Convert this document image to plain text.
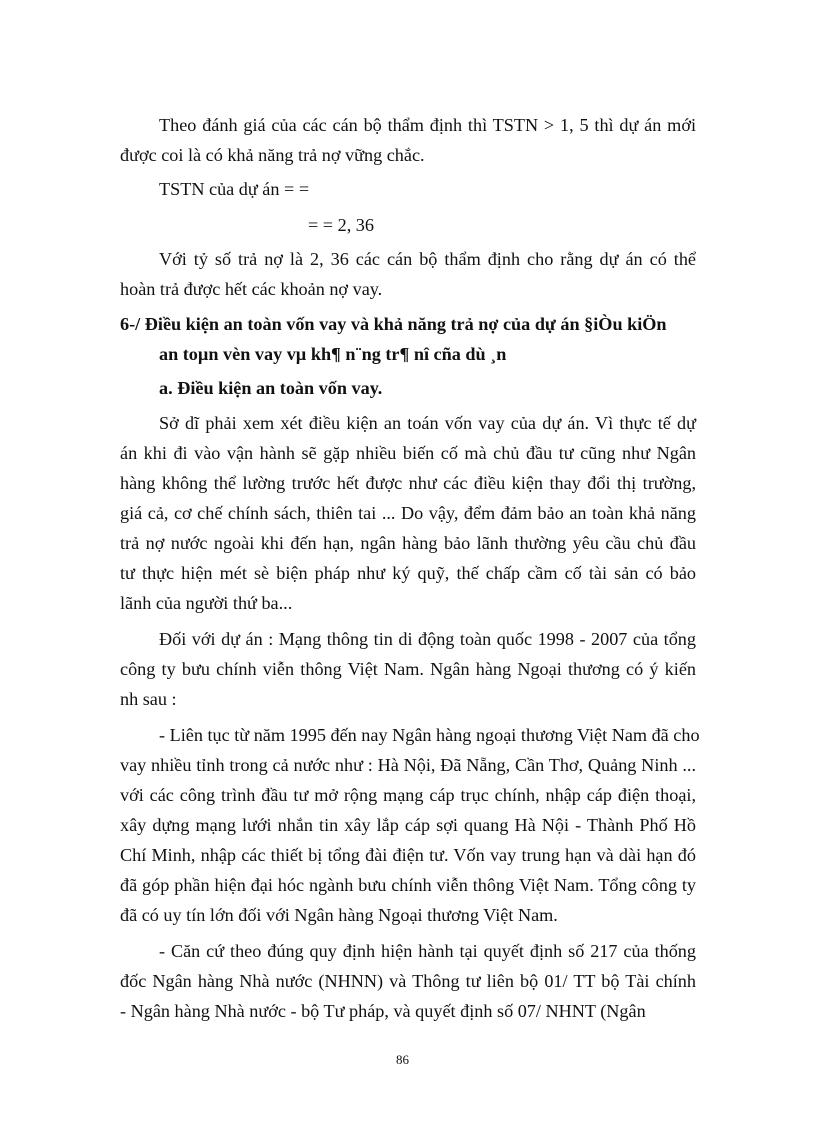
Theo đánh giá của các cán bộ thẩm định thì TSTN > 1, 5 thì dự án mới
được coi là có khả năng trả nợ vững chắc.
TSTN của dự án = =
= = 2, 36
Với tỷ số trả nợ là 2, 36 các cán bộ thẩm định cho rằng dự án có thể
hoàn trả được hết các khoản nợ vay.
6-/ Điều kiện an toàn vốn vay và khả năng trả nợ của dự án §iÒu kiÖn
an toµn vèn vay vµ kh¶ n¨ng tr¶ nî cña dù ¸n
a. Điều kiện an toàn vốn vay.
Sở dĩ phải xem xét điều kiện an toán vốn vay của dự án. Vì thực tế dự
án khi đi vào vận hành sẽ gặp nhiều biến cố mà chủ đầu tư cũng như Ngân
hàng không thể lường trước hết được như các điều kiện thay đổi thị trường,
giá cả, cơ chế chính sách, thiên tai ... Do vậy, đểm đảm bảo an toàn khả năng
trả nợ nước ngoài khi đến hạn, ngân hàng bảo lãnh thường yêu cầu chủ đầu
tư thực hiện mét sè biện pháp như ký quỹ, thế chấp cầm cố tài sản có bảo
lãnh của người thứ ba...
Đối với dự án : Mạng thông tin di động toàn quốc 1998 - 2007 của tổng
công ty bưu chính viễn thông Việt Nam. Ngân hàng Ngoại thương có ý kiến
nh sau :
- Liên tục từ năm 1995 đến nay Ngân hàng ngoại thương Việt Nam đã cho
vay nhiều tỉnh trong cả nước như : Hà Nội, Đã Nẵng, Cần Thơ, Quảng Ninh ...
với các công trình đầu tư mở rộng mạng cáp trục chính, nhập cáp điện thoại,
xây dựng mạng lưới nhắn tin xây lắp cáp sợi quang Hà Nội - Thành Phố Hồ
Chí Minh, nhập các thiết bị tổng đài điện tư. Vốn vay trung hạn và dài hạn đó
đã góp phần hiện đại hóc ngành bưu chính viễn thông Việt Nam. Tổng công ty
đã có uy tín lớn đối với Ngân hàng Ngoại thương Việt Nam.
- Căn cứ theo đúng quy định hiện hành tại quyết định số 217 của thống
đốc Ngân hàng Nhà nước (NHNN) và Thông tư liên bộ 01/ TT bộ Tài chính
- Ngân hàng Nhà nước - bộ Tư pháp, và quyết định số 07/ NHNT (Ngân
86
